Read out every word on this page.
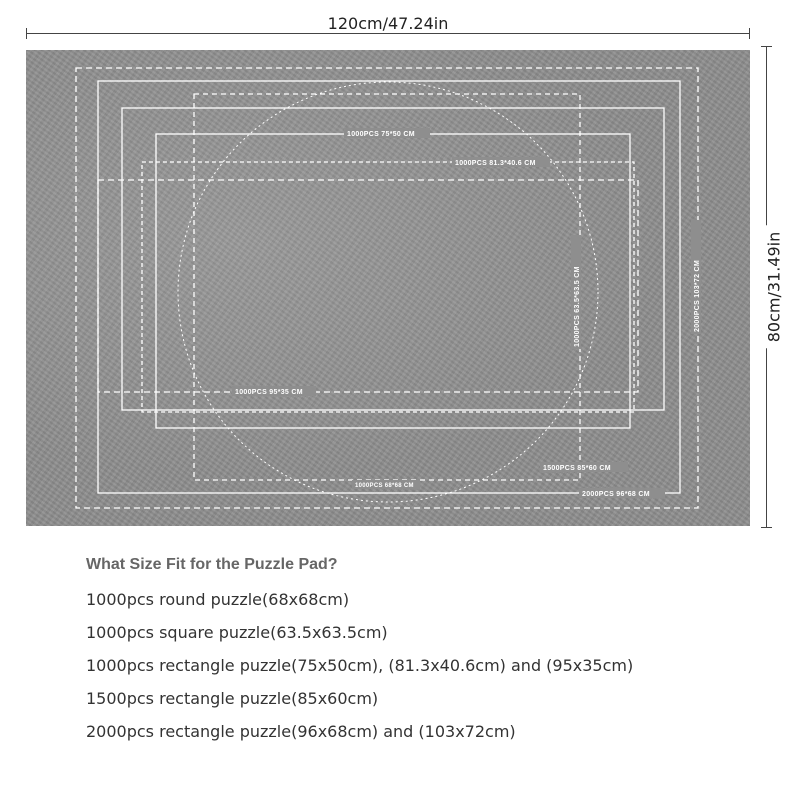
120cm/47.24in
80cm/31.49in
1000PCS 75*50 CM
1000PCS 81.3*40.6 CM
1000PCS 63.5*63.5 CM	2000PCS 103*72 CM
1000PCS 95*35 CM
1500PCS 85*60 CM
1000PCS 68*68 CM
2000PCS 96*68 CM
What Size Fit for the Puzzle Pad?
1000pcs round puzzle(68x68cm)
1000pcs square puzzle(63.5x63.5cm)
1000pcs rectangle puzzle(75x50cm), (81.3x40.6cm) and (95x35cm)
1500pcs rectangle puzzle(85x60cm)
2000pcs rectangle puzzle(96x68cm) and (103x72cm)
